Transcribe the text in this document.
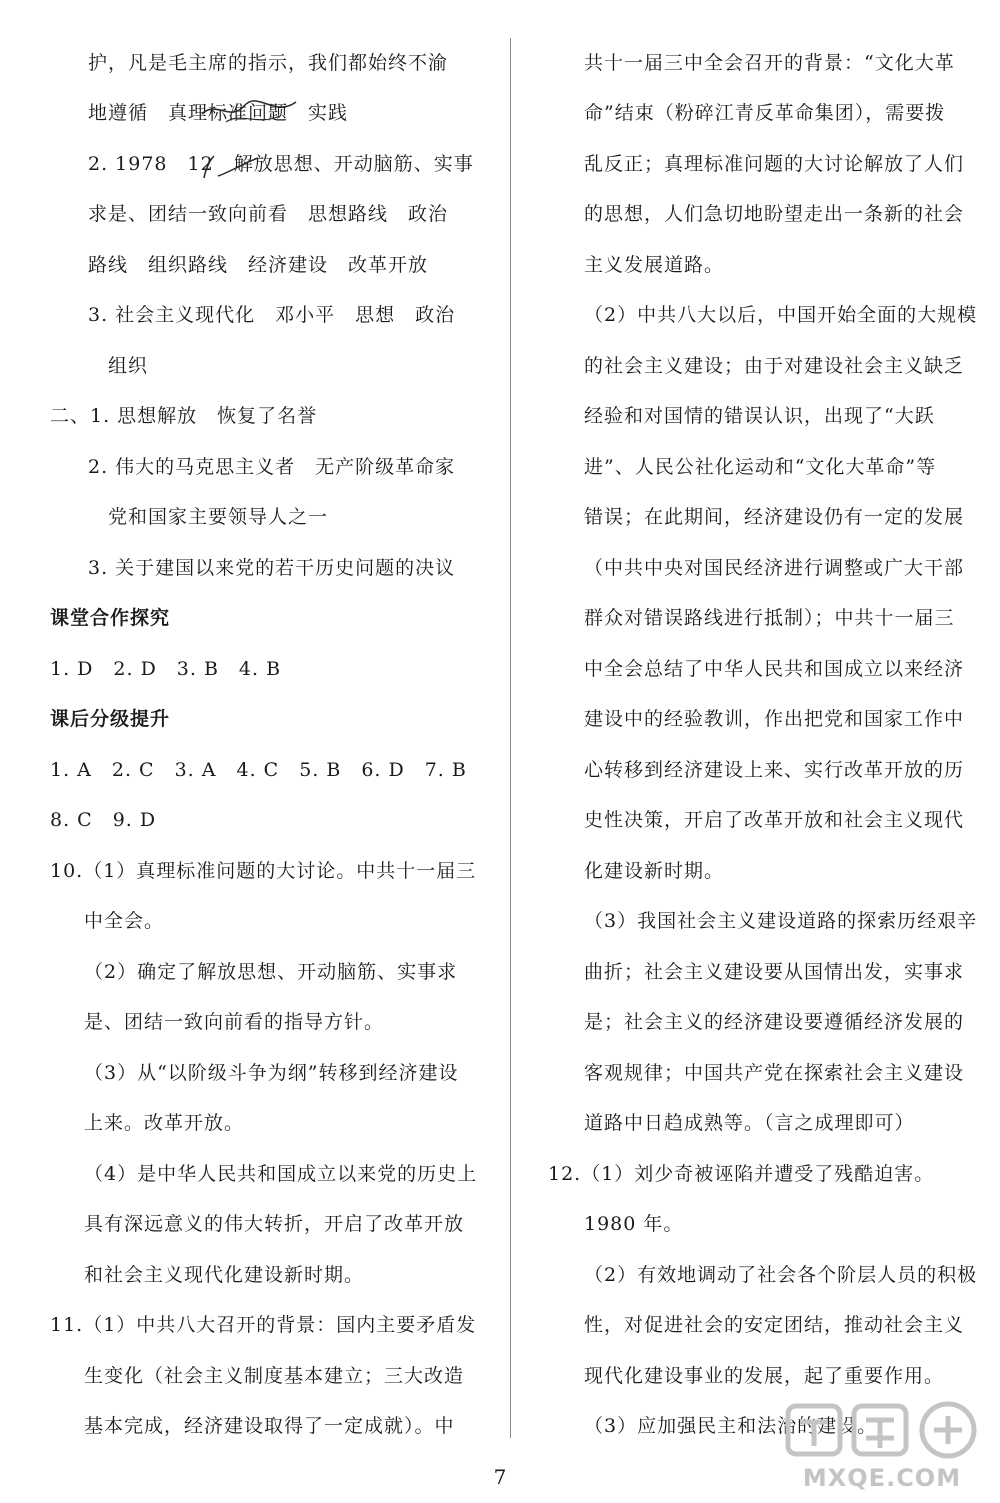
护，凡是毛主席的指示，我们都始终不渝
地遵循　真理标准问题　实践
2. 1978　12　解放思想、开动脑筋、实事
求是、团结一致向前看　思想路线　政治
路线　组织路线　经济建设　改革开放
3. 社会主义现代化　邓小平　思想　政治
组织
二、1. 思想解放　恢复了名誉
2. 伟大的马克思主义者　无产阶级革命家
党和国家主要领导人之一
3. 关于建国以来党的若干历史问题的决议
课堂合作探究
1. D　2. D　3. B　4. B
课后分级提升
1. A　2. C　3. A　4. C　5. B　6. D　7. B
8. C　9. D
10.（1）真理标准问题的大讨论。中共十一届三
中全会。
（2）确定了解放思想、开动脑筋、实事求
是、团结一致向前看的指导方针。
（3）从“以阶级斗争为纲”转移到经济建设
上来。改革开放。
（4）是中华人民共和国成立以来党的历史上
具有深远意义的伟大转折，开启了改革开放
和社会主义现代化建设新时期。
11.（1）中共八大召开的背景：国内主要矛盾发
生变化（社会主义制度基本建立；三大改造
基本完成，经济建设取得了一定成就）。中
共十一届三中全会召开的背景：“文化大革
命”结束（粉碎江青反革命集团），需要拨
乱反正；真理标准问题的大讨论解放了人们
的思想，人们急切地盼望走出一条新的社会
主义发展道路。
（2）中共八大以后，中国开始全面的大规模
的社会主义建设；由于对建设社会主义缺乏
经验和对国情的错误认识，出现了“大跃
进”、人民公社化运动和“文化大革命”等
错误；在此期间，经济建设仍有一定的发展
（中共中央对国民经济进行调整或广大干部
群众对错误路线进行抵制）；中共十一届三
中全会总结了中华人民共和国成立以来经济
建设中的经验教训，作出把党和国家工作中
心转移到经济建设上来、实行改革开放的历
史性决策，开启了改革开放和社会主义现代
化建设新时期。
（3）我国社会主义建设道路的探索历经艰辛
曲折；社会主义建设要从国情出发，实事求
是；社会主义的经济建设要遵循经济发展的
客观规律；中国共产党在探索社会主义建设
道路中日趋成熟等。（言之成理即可）
12.（1）刘少奇被诬陷并遭受了残酷迫害。
1980 年。
（2）有效地调动了社会各个阶层人员的积极
性，对促进社会的安定团结，推动社会主义
现代化建设事业的发展，起了重要作用。
（3）应加强民主和法治的建设。
7	MXQE.COM
